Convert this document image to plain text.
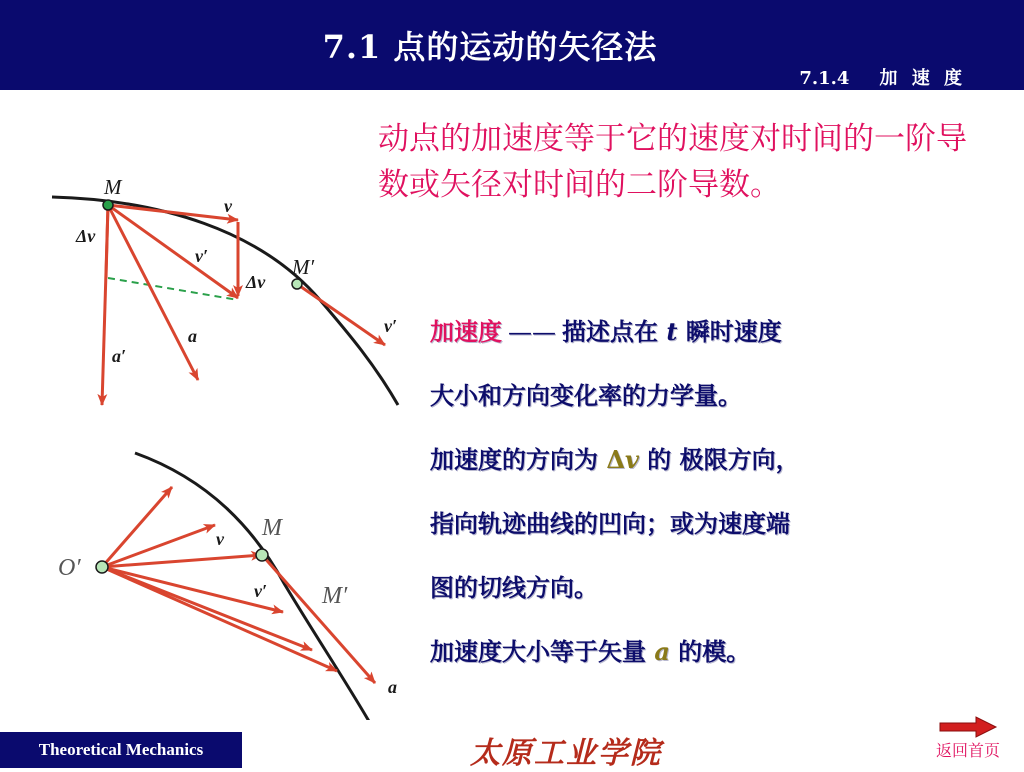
7.1 点的运动的矢径法
7.1.4 加 速 度
动点的加速度等于它的速度对时间的一阶导数或矢径对时间的二阶导数。
M
M′
v
v′
Δv
Δv
a
a′
v′
O′
M
M′
v
v′
a
加速度 —— 描述点在 t 瞬时速度
大小和方向变化率的力学量。
加速度的方向为 Δv 的 极限方向，
指向轨迹曲线的凹向；或为速度端
图的切线方向。
加速度大小等于矢量 a 的模。
Theoretical Mechanics	太原工业学院	返回首页
